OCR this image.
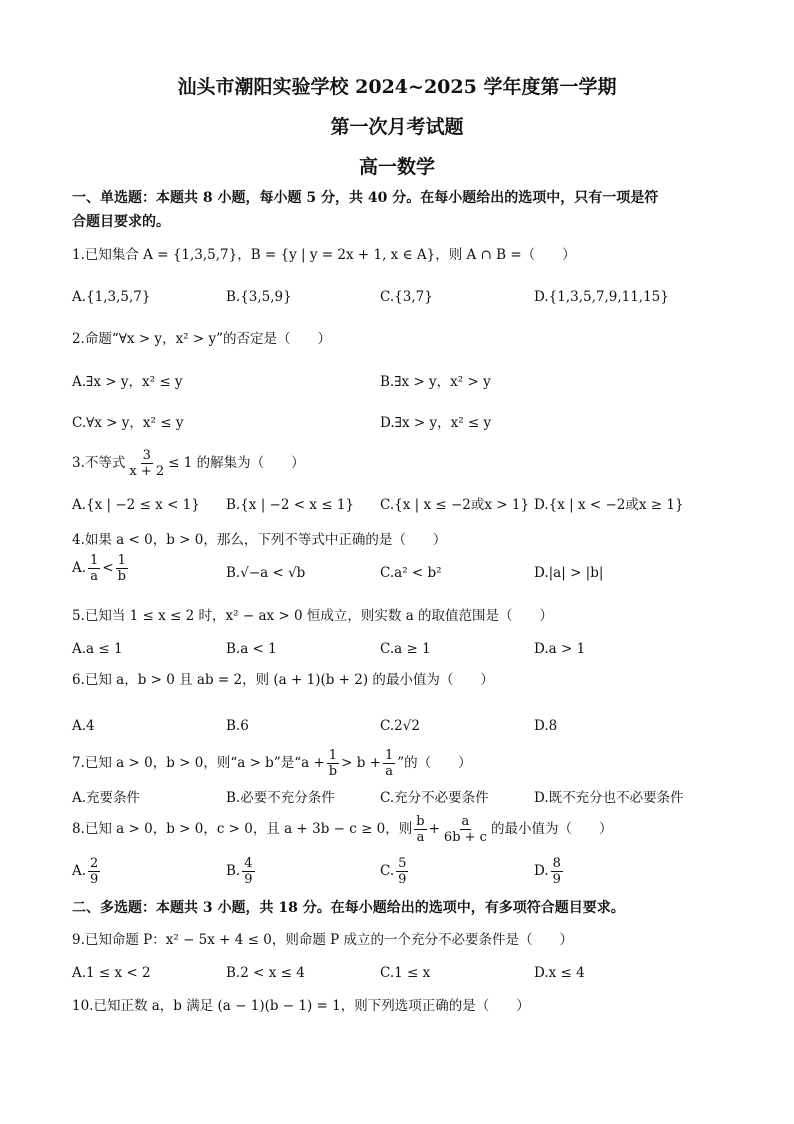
汕头市潮阳实验学校 2024~2025 学年度第一学期
第一次月考试题
高一数学
一、单选题：本题共 8 小题，每小题 5 分，共 40 分。在每小题给出的选项中，只有一项是符
合题目要求的。
1.已知集合 A = {1,3,5,7}，B = {y | y = 2x + 1, x ∈ A}，则 A ∩ B =（　　）
A.{1,3,5,7}	B.{3,5,9}	C.{3,7}	D.{1,3,5,7,9,11,15}
2.命题“∀x > y，x² > y”的否定是（　　）
A.∃x > y，x² ≤ y	B.∃x > y，x² > y
C.∀x > y，x² ≤ y	D.∃x > y，x² ≤ y
3.不等式 $\frac{3}{x + 2} \le 1$ 的解集为（　　）
A.{x | −2 ≤ x < 1} B.{x | −2 < x ≤ 1} C.{x | x ≤ −2或x > 1} D.{x | x < −2或x ≥ 1}
4.如果 a < 0，b > 0，那么，下列不等式中正确的是（　　）
A. $\frac{1}{a} < \frac{1}{b}$	B.√−a < √b	C.a² < b²	D.|a| > |b|
5.已知当 1 ≤ x ≤ 2 时，x² − ax > 0 恒成立，则实数 a 的取值范围是（　　）
A.a ≤ 1	B.a < 1	C.a ≥ 1	D.a > 1
6.已知 a，b > 0 且 ab = 2，则 (a + 1)(b + 2) 的最小值为（　　）
A.4	B.6	C.2√2	D.8
7.已知 a > 0，b > 0，则“a > b”是“$a + \frac{1}{b} > b + \frac{1}{a}$ ”的（　　）
A.充要条件	B.必要不充分条件	C.充分不必要条件	D.既不充分也不必要条件
8.已知 a > 0，b > 0，c > 0，且 a + 3b − c ≥ 0，则 $\frac{b}{a} + \frac{a}{6b + c}$ 的最小值为（　　）
A. $\frac{2}{9}$	B. $\frac{4}{9}$	C. $\frac{5}{9}$	D. $\frac{8}{9}$
二、多选题：本题共 3 小题，共 18 分。在每小题给出的选项中，有多项符合题目要求。
9.已知命题 P：x² − 5x + 4 ≤ 0，则命题 P 成立的一个充分不必要条件是（　　）
A.1 ≤ x < 2	B.2 < x ≤ 4	C.1 ≤ x	D.x ≤ 4
10.已知正数 a，b 满足 (a − 1)(b − 1) = 1，则下列选项正确的是（　　）
